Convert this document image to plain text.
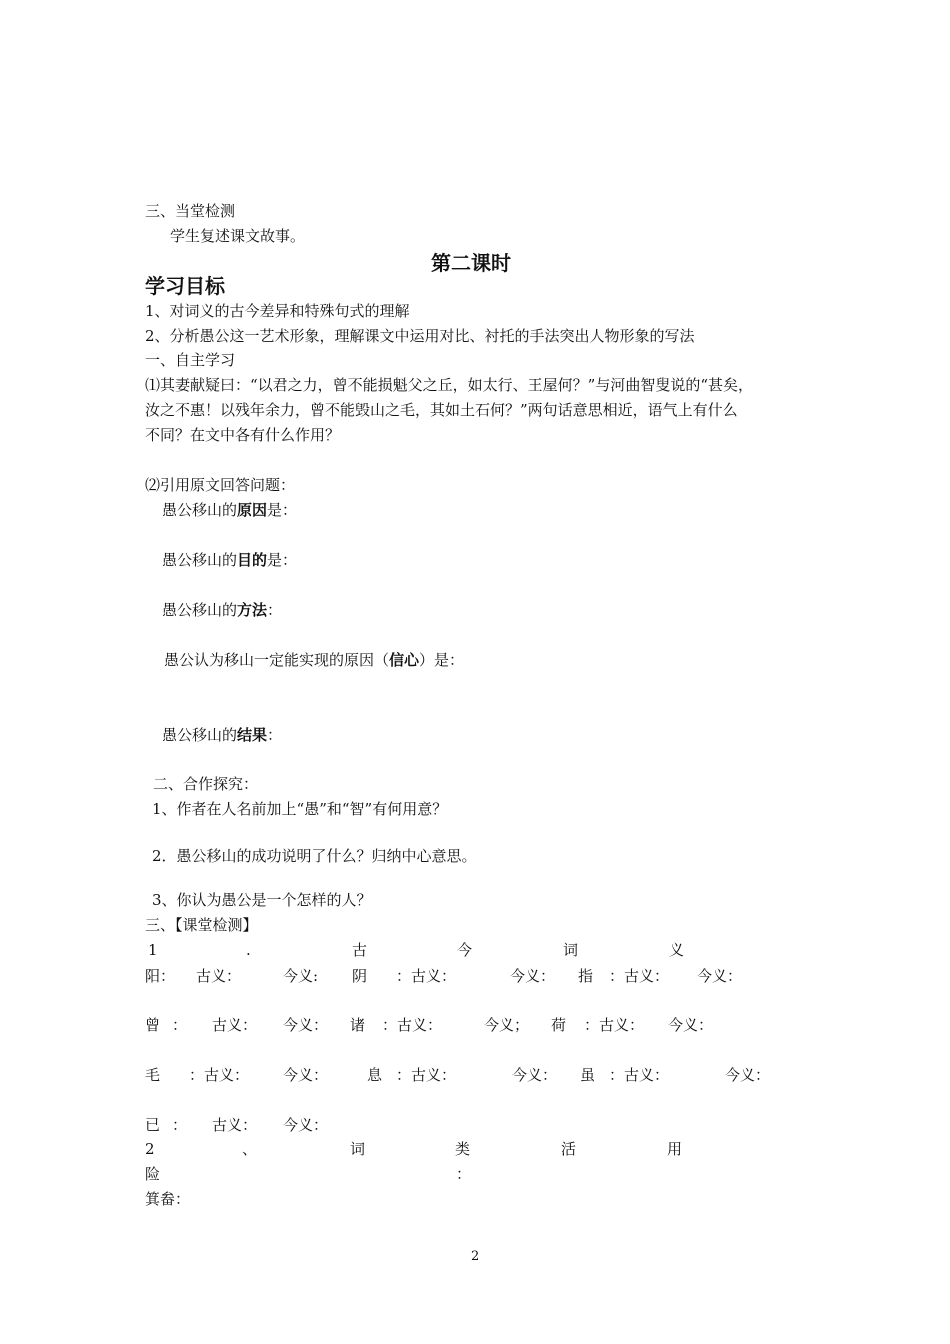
三、当堂检测
学生复述课文故事。
第二课时
学习目标
1、对词义的古今差异和特殊句式的理解
2、分析愚公这一艺术形象，理解课文中运用对比、衬托的手法突出人物形象的写法
一、自主学习
⑴其妻献疑曰：“以君之力，曾不能损魁父之丘，如太行、王屋何？”与河曲智叟说的“甚矣，
汝之不惠！以残年余力，曾不能毁山之毛，其如土石何？”两句话意思相近，语气上有什么
不同？在文中各有什么作用？
⑵引用原文回答问题：
愚公移山的原因是：
愚公移山的目的是：
愚公移山的方法：
愚公认为移山一定能实现的原因（信心）是：
愚公移山的结果：
二、合作探究：
1、作者在人名前加上“愚”和“智”有何用意？
2．愚公移山的成功说明了什么？归纳中心意思。
3、你认为愚公是一个怎样的人？
三、【课堂检测】
1	.	古	今	词	义
阳： 古义：	今义: 阴 ：古义：	今义： 指 ：古义： 今义：
曾 ： 古义： 今义： 诸 ：古义：	今义； 荷 ：古义： 今义：
毛 ：古义： 今义：	息 ：古义：	今义： 虽 ：古义：	今义：
已 ： 古义： 今义：
2	、	词	类	活	用
险	：
箕畚：
2
